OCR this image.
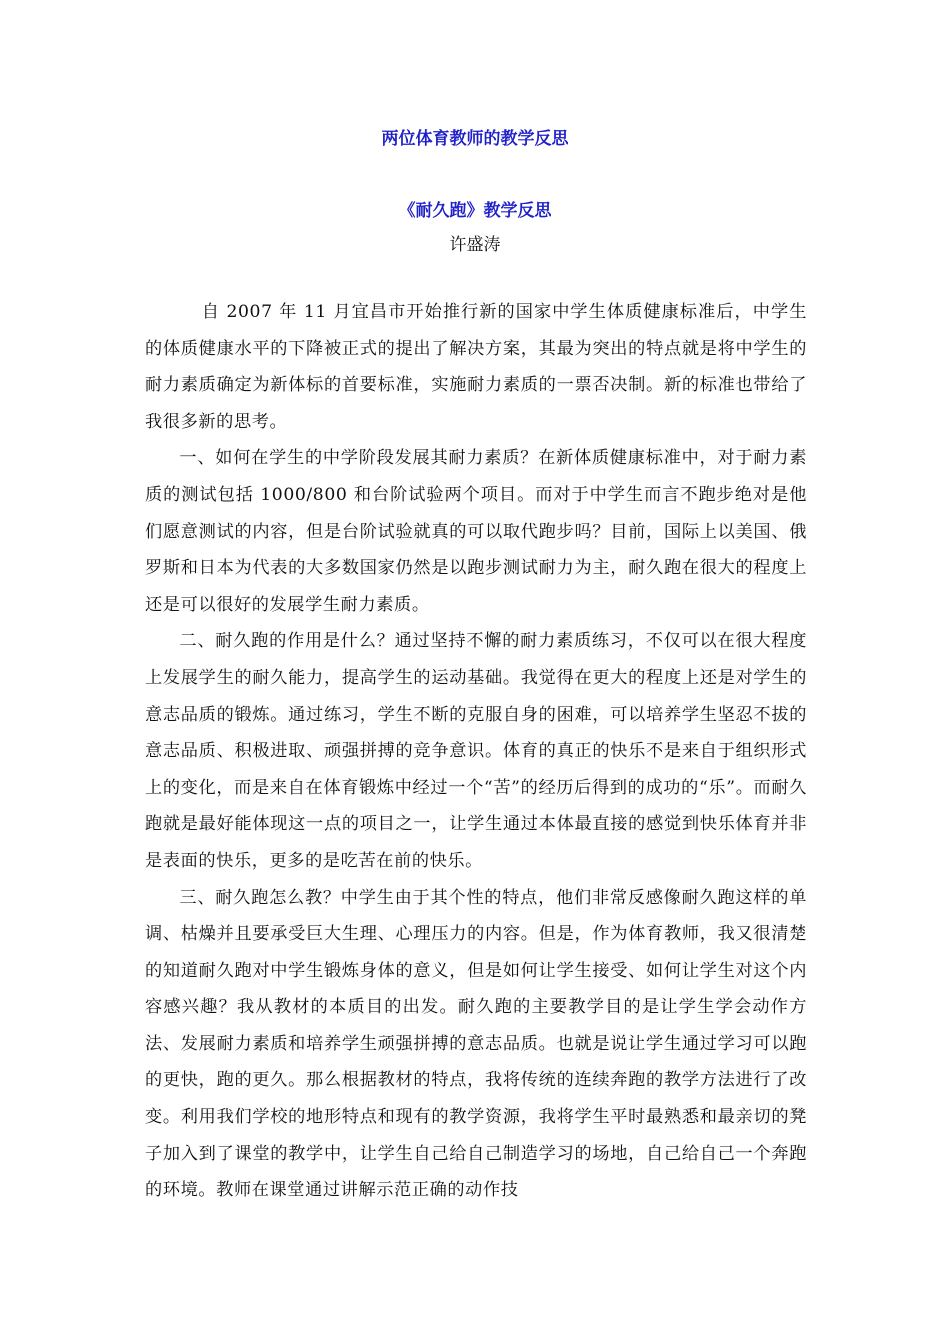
两位体育教师的教学反思
《耐久跑》教学反思
许盛涛

自 2007 年 11 月宜昌市开始推行新的国家中学生体质健康标准后，中学生的体质健康水平的下降被正式的提出了解决方案，其最为突出的特点就是将中学生的耐力素质确定为新体标的首要标准，实施耐力素质的一票否决制。新的标准也带给了我很多新的思考。

一、如何在学生的中学阶段发展其耐力素质？在新体质健康标准中，对于耐力素质的测试包括 1000/800 和台阶试验两个项目。而对于中学生而言不跑步绝对是他们愿意测试的内容，但是台阶试验就真的可以取代跑步吗？目前，国际上以美国、俄罗斯和日本为代表的大多数国家仍然是以跑步测试耐力为主，耐久跑在很大的程度上还是可以很好的发展学生耐力素质。

二、耐久跑的作用是什么？通过坚持不懈的耐力素质练习，不仅可以在很大程度上发展学生的耐久能力，提高学生的运动基础。我觉得在更大的程度上还是对学生的意志品质的锻炼。通过练习，学生不断的克服自身的困难，可以培养学生坚忍不拔的意志品质、积极进取、顽强拼搏的竞争意识。体育的真正的快乐不是来自于组织形式上的变化，而是来自在体育锻炼中经过一个“苦”的经历后得到的成功的“乐”。而耐久跑就是最好能体现这一点的项目之一，让学生通过本体最直接的感觉到快乐体育并非是表面的快乐，更多的是吃苦在前的快乐。

三、耐久跑怎么教？中学生由于其个性的特点，他们非常反感像耐久跑这样的单调、枯燥并且要承受巨大生理、心理压力的内容。但是，作为体育教师，我又很清楚的知道耐久跑对中学生锻炼身体的意义，但是如何让学生接受、如何让学生对这个内容感兴趣？我从教材的本质目的出发。耐久跑的主要教学目的是让学生学会动作方法、发展耐力素质和培养学生顽强拼搏的意志品质。也就是说让学生通过学习可以跑的更快，跑的更久。那么根据教材的特点，我将传统的连续奔跑的教学方法进行了改变。利用我们学校的地形特点和现有的教学资源，我将学生平时最熟悉和最亲切的凳子加入到了课堂的教学中，让学生自己给自己制造学习的场地，自己给自己一个奔跑的环境。教师在课堂通过讲解示范正确的动作技
